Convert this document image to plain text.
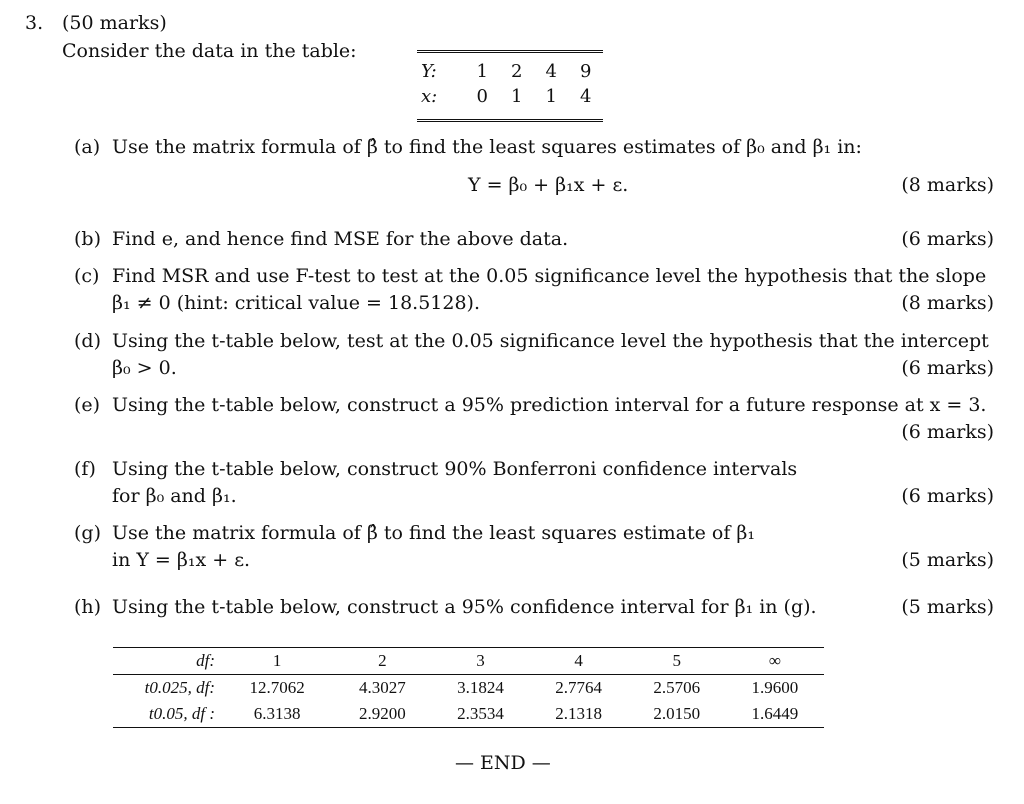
3. (50 marks)
Consider the data in the table:
Y:	1	2	4	9
x:	0	1	1	4
(a) Use the matrix formula of β̂ to find the least squares estimates of β₀ and β₁ in:
Y = β₀ + β₁x + ε.	(8 marks)
(b) Find e, and hence find MSE for the above data.	(6 marks)
(c) Find MSR and use F-test to test at the 0.05 significance level the hypothesis that the slope
β₁ ≠ 0 (hint: critical value = 18.5128).	(8 marks)
(d) Using the t-table below, test at the 0.05 significance level the hypothesis that the intercept
β₀ > 0.	(6 marks)
(e) Using the t-table below, construct a 95% prediction interval for a future response at x = 3.
(6 marks)
(f) Using the t-table below, construct 90% Bonferroni confidence intervals
for β₀ and β₁.	(6 marks)
(g) Use the matrix formula of β̂ to find the least squares estimate of β₁
in Y = β₁x + ε.	(5 marks)
(h) Using the t-table below, construct a 95% confidence interval for β₁ in (g).	(5 marks)
df:	1	2	3	4	5	∞
t0.025, df:	12.7062	4.3027	3.1824	2.7764	2.5706	1.9600
t0.05, df :	6.3138	2.9200	2.3534	2.1318	2.0150	1.6449
— END —
